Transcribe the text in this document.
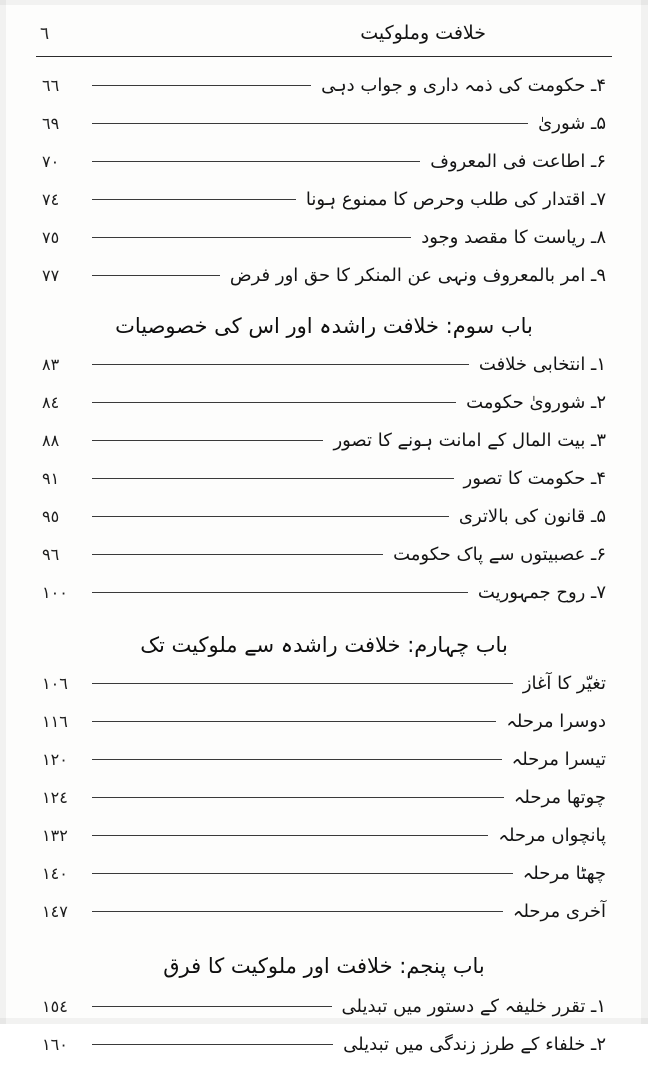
٦	خلافت وملوكيت
۴ـ حکومت کی ذمہ داری و جواب دہی
٦٦
۵ـ شوریٰ
٦٩
۶ـ اطاعت فی المعروف
٧٠
۷ـ اقتدار کی طلب وحرص کا ممنوع ہونا
٧٤
۸ـ ریاست کا مقصد وجود
٧٥
۹ـ امر بالمعروف ونہی عن المنکر کا حق اور فرض
٧٧
باب سوم: خلافت راشدہ اور اس کی خصوصیات
۱ـ انتخابی خلافت
٨٣
۲ـ شورویٰ حکومت
٨٤
۳ـ بیت المال کے امانت ہونے کا تصور
٨٨
۴ـ حکومت کا تصور
٩١
۵ـ قانون کی بالاتری
٩٥
۶ـ عصبیتوں سے پاک حکومت
٩٦
۷ـ روح جمہوریت
١٠٠
باب چہارم: خلافت راشدہ سے ملوکیت تک
تغیّر کا آغاز
١٠٦
دوسرا مرحلہ
١١٦
تیسرا مرحلہ
١٢٠
چوتھا مرحلہ
١٢٤
پانچواں مرحلہ
١٣٢
چھٹا مرحلہ
١٤٠
آخری مرحلہ
١٤٧
باب پنجم: خلافت اور ملوکیت کا فرق
۱ـ تقرر خلیفہ کے دستور میں تبدیلی
١٥٤
۲ـ خلفاء کے طرز زندگی میں تبدیلی
١٦٠
